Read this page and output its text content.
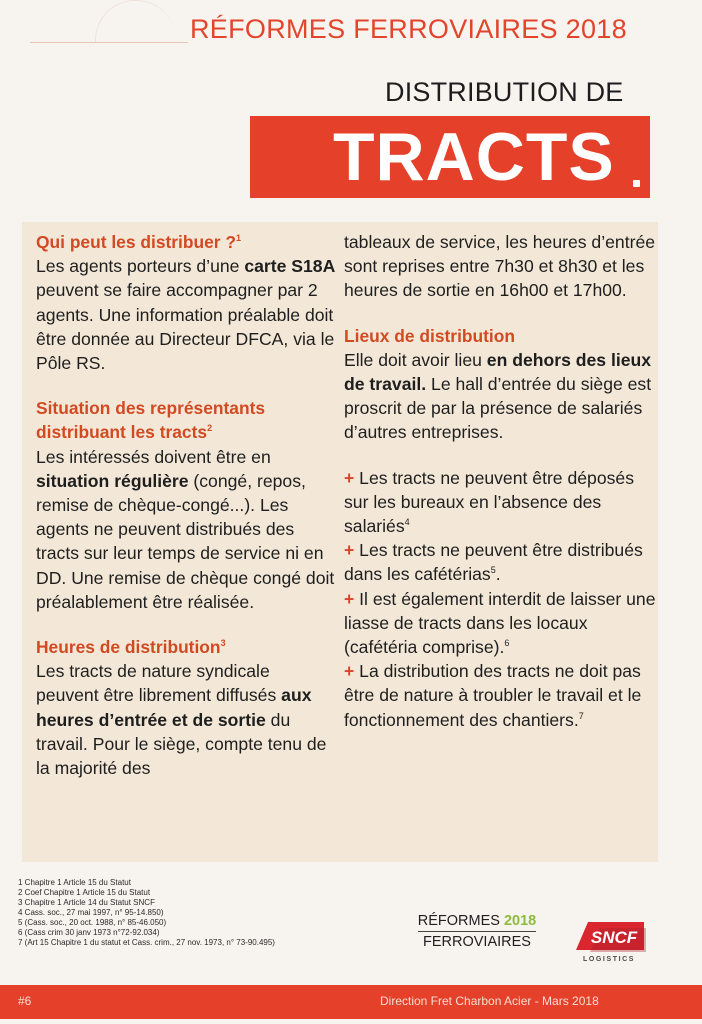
RÉFORMES FERROVIAIRES 2018
DISTRIBUTION DE
TRACTS

Qui peut les distribuer ?$^1$

Les agents porteurs d’une carte S18A peuvent se faire accompagner par 2 agents. Une information préalable doit être donnée au Directeur DFCA, via le Pôle RS.

Situation des représentants distribuant les tracts$^2$

Les intéressés doivent être en situation régulière (congé, repos, remise de chèque-congé...). Les agents ne peuvent distribués des tracts sur leur temps de service ni en DD. Une remise de chèque congé doit préalablement être réalisée.

Heures de distribution$^3$

Les tracts de nature syndicale peuvent être librement diffusés aux heures d’entrée et de sortie du travail. Pour le siège, compte tenu de la majorité des

tableaux de service, les heures d’entrée sont reprises entre 7h30 et 8h30 et les heures de sortie en 16h00 et 17h00.

Lieux de distribution

Elle doit avoir lieu en dehors des lieux de travail. Le hall d’entrée du siège est proscrit de par la présence de salariés d’autres entreprises.

+ Les tracts ne peuvent être déposés sur les bureaux en l’absence des salariés$^4$

+ Les tracts ne peuvent être distribués dans les cafétérias$^5$.

+ Il est également interdit de laisser une liasse de tracts dans les locaux (cafétéria comprise).$^6$

+ La distribution des tracts ne doit pas être de nature à troubler le travail et le fonctionnement des chantiers.$^7$

1 Chapitre 1 Article 15 du Statut
2 Coef Chapitre 1 Article 15 du Statut
3 Chapitre 1 Article 14 du Statut SNCF
4 Cass. soc., 27 mai 1997, n° 95-14.850)
5 (Cass. soc., 20 oct. 1988, n° 85-46.050)
6 (Cass crim 30 janv 1973 n°72-92.034)
7 (Art 15 Chapitre 1 du statut et Cass. crim., 27 nov. 1973, n° 73-90.495)
RÉFORMES 2018
FERROVIAIRES	SNCF
LOGISTICS
#6	Direction Fret Charbon Acier - Mars 2018
